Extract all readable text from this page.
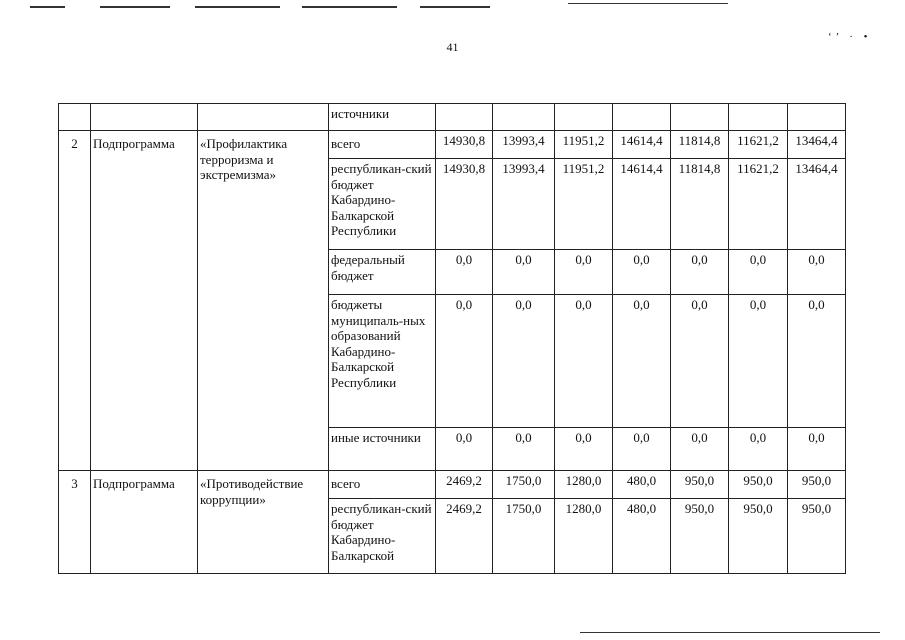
41
‘’ · •
			источники							
2	Подпрограмма	«Профилактика терроризма и экстремизма»	всего	14930,8	13993,4	11951,2	14614,4	11814,8	11621,2	13464,4
			республикан-ский бюджет Кабардино-Балкарской Республики	14930,8	13993,4	11951,2	14614,4	11814,8	11621,2	13464,4
			федеральный бюджет	0,0	0,0	0,0	0,0	0,0	0,0	0,0
			бюджеты муниципаль-ных образований Кабардино-Балкарской Республики	0,0	0,0	0,0	0,0	0,0	0,0	0,0
			иные источники	0,0	0,0	0,0	0,0	0,0	0,0	0,0
3	Подпрограмма	«Противодействие коррупции»	всего	2469,2	1750,0	1280,0	480,0	950,0	950,0	950,0
			республикан-ский бюджет Кабардино-Балкарской	2469,2	1750,0	1280,0	480,0	950,0	950,0	950,0
